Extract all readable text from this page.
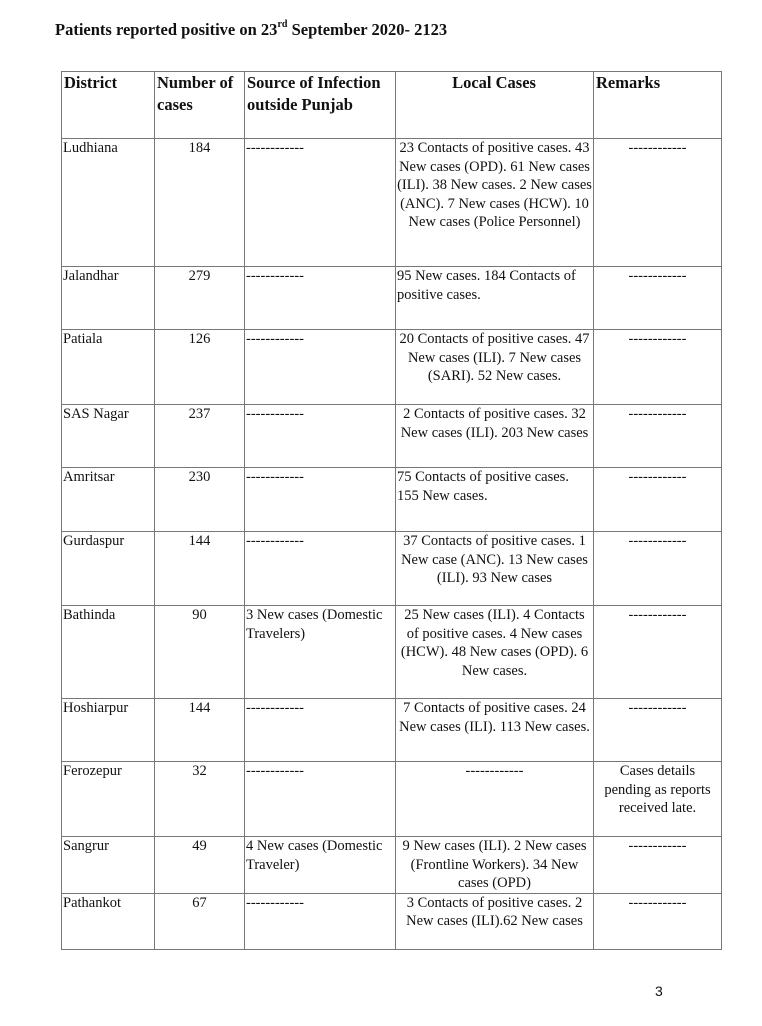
Patients reported positive on 23rd September 2020- 2123
District	Number of cases	Source of Infection outside Punjab	Local Cases	Remarks
Ludhiana	184	------------	23 Contacts of positive cases. 43 New cases (OPD). 61 New cases (ILI). 38 New cases. 2 New cases (ANC). 7 New cases (HCW). 10 New cases (Police Personnel)	------------
Jalandhar	279	------------	95 New cases. 184 Contacts of positive cases.	------------
Patiala	126	------------	20 Contacts of positive cases. 47 New cases (ILI). 7 New cases (SARI). 52 New cases.	------------
SAS Nagar	237	------------	2 Contacts of positive cases. 32 New cases (ILI). 203 New cases	------------
Amritsar	230	------------	75 Contacts of positive cases. 155 New cases.	------------
Gurdaspur	144	------------	37 Contacts of positive cases. 1 New case (ANC). 13 New cases (ILI). 93 New cases	------------
Bathinda	90	3 New cases (Domestic Travelers)	25 New cases (ILI). 4 Contacts of positive cases. 4 New cases (HCW). 48 New cases (OPD). 6 New cases.	------------
Hoshiarpur	144	------------	7 Contacts of positive cases. 24 New cases (ILI). 113 New cases.	------------
Ferozepur	32	------------	------------	Cases details pending as reports received late.
Sangrur	49	4 New cases (Domestic Traveler)	9 New cases (ILI). 2 New cases (Frontline Workers). 34 New cases (OPD)	------------
Pathankot	67	------------	3 Contacts of positive cases. 2 New cases (ILI).62 New cases	------------
3
